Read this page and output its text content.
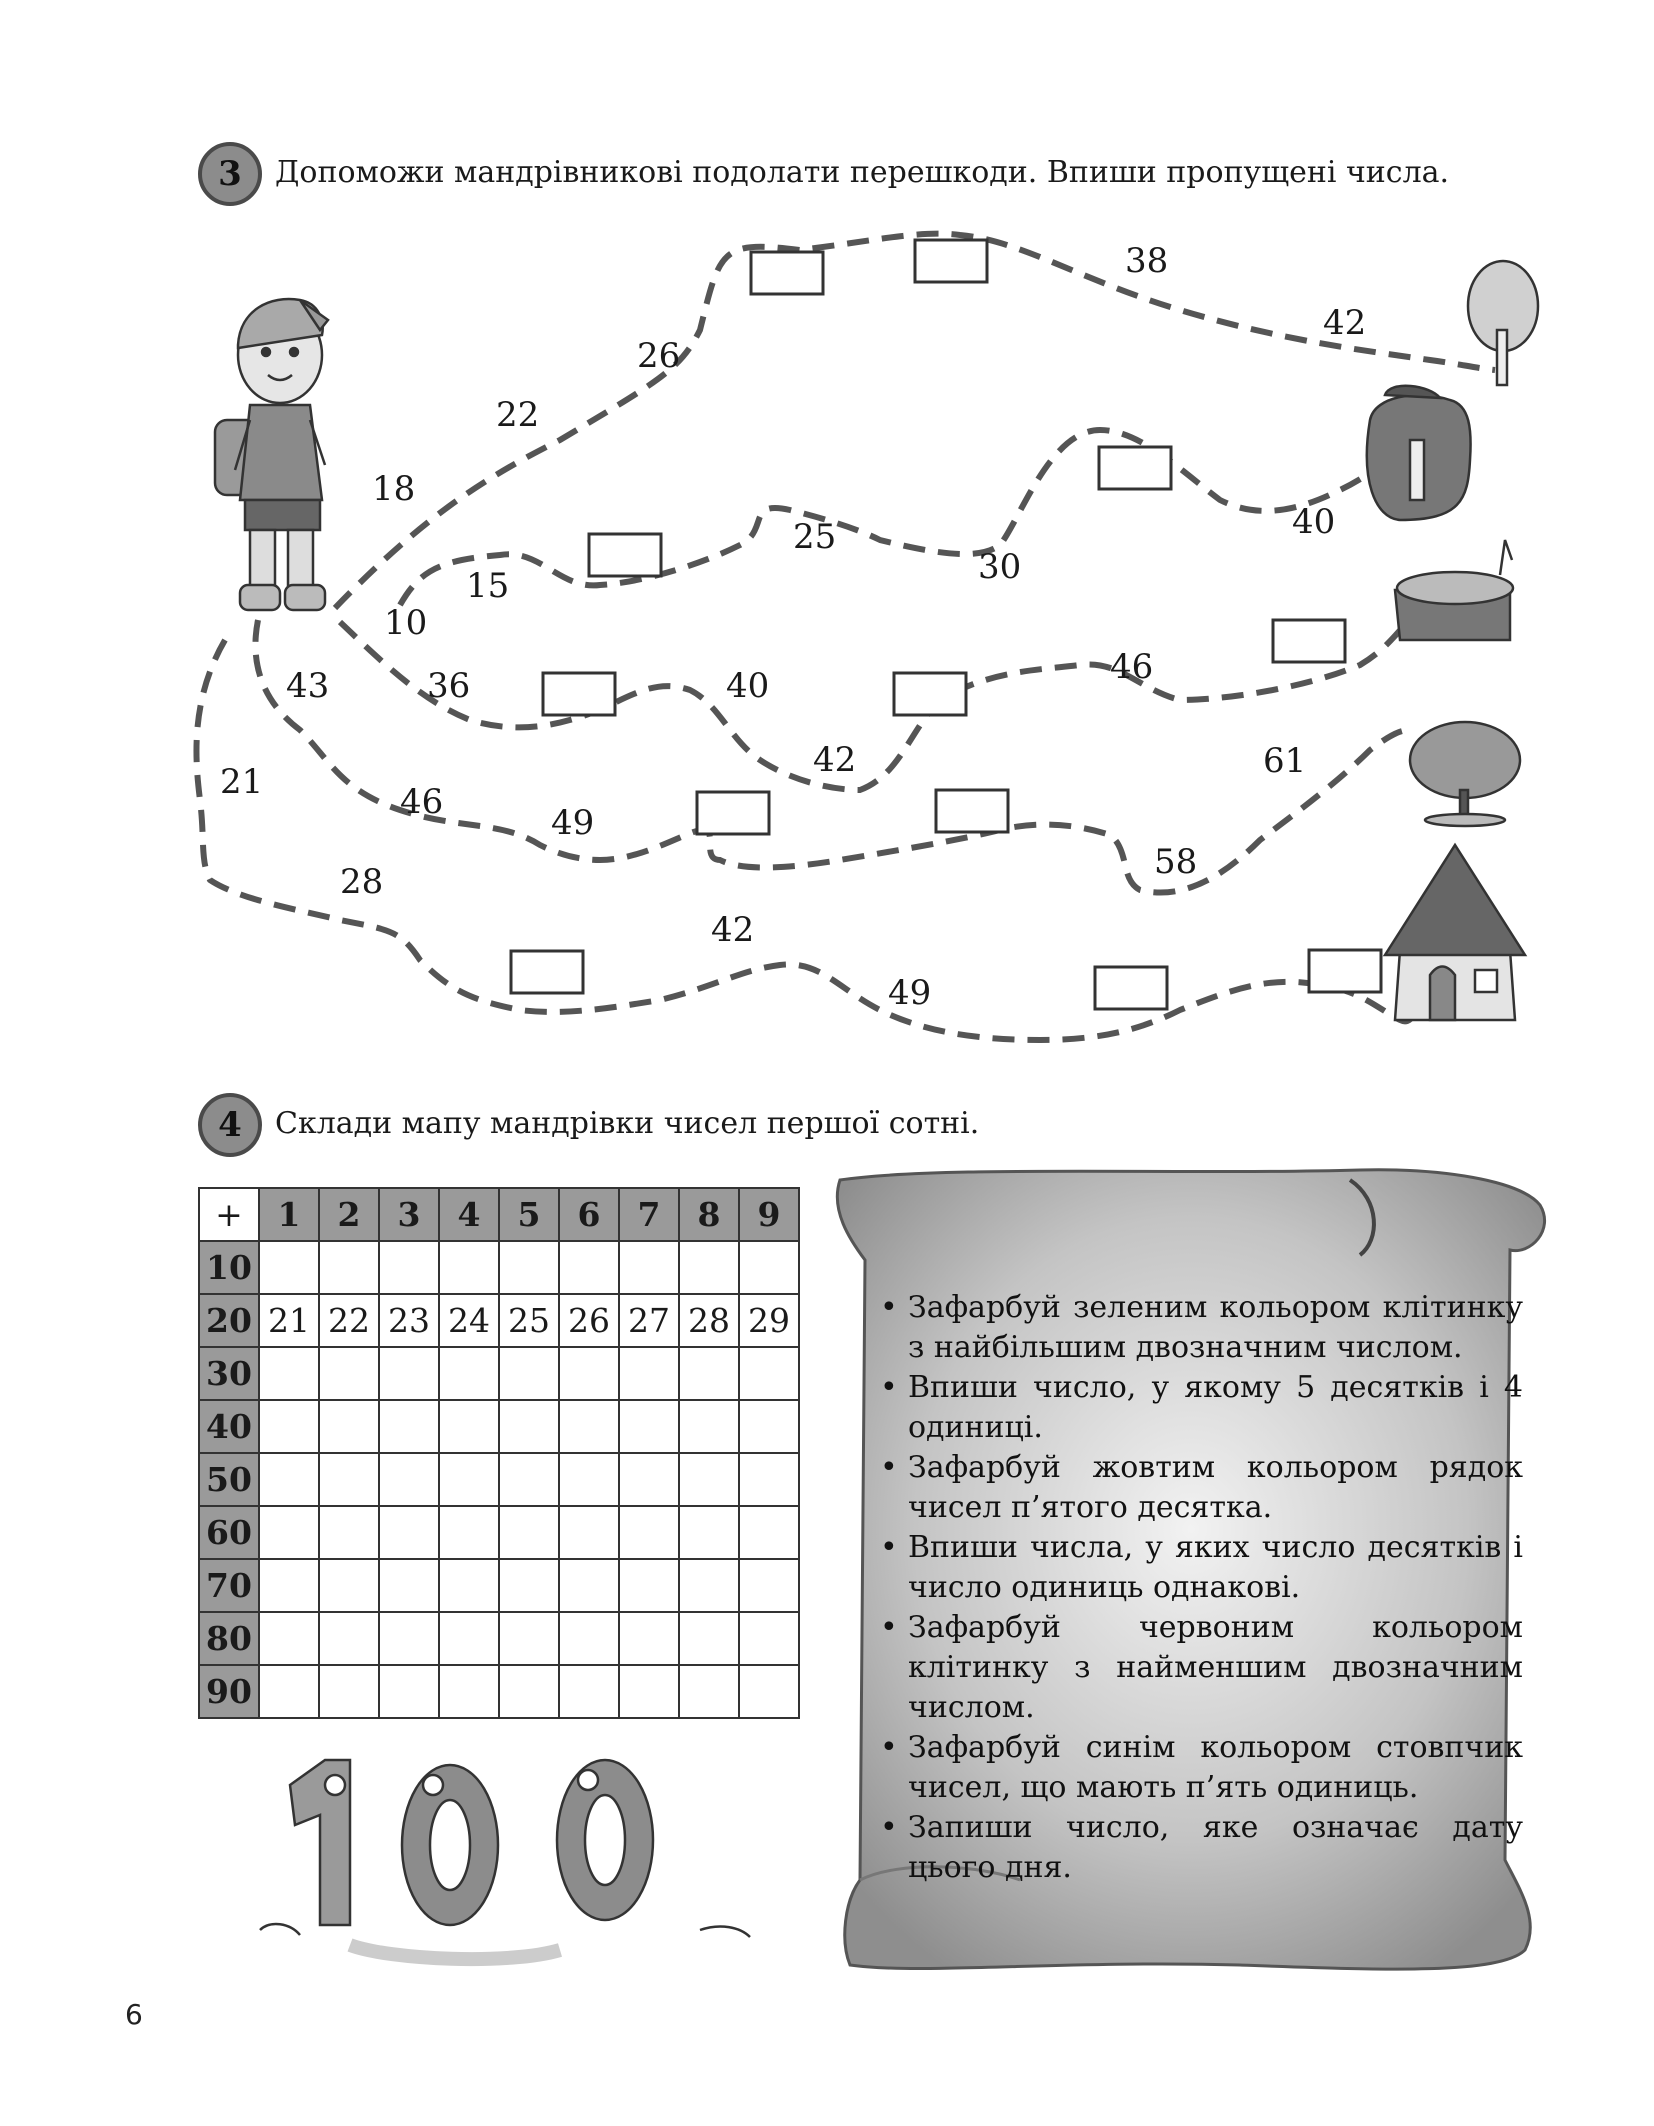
3 Допоможи мандрівникові подолати перешкоди. Впиши пропущені числа.
38
42
26
22
18
40
25
15
10
30
46
43	36	40
42
21
61
46
49
58
28
42
49
4 Склади мапу мандрівки чисел першої сотні.
+	1	2	3	4	5	6	7	8	9
10									
20	21	22	23	24	25	26	27	28	29
30									
40									
50									
60									
70									
80									
90									
100
• Зафарбуй зеленим кольором клітинку з найбільшим двозначним числом.
• Впиши число, у якому 5 десятків і 4 одиниці.
• Зафарбуй жовтим кольором рядок чисел п’ятого десятка.
• Впиши числа, у яких число десятків і число одиниць однакові.
• Зафарбуй червоним кольором клітинку з найменшим двозначним числом.
• Зафарбуй синім кольором стовпчик чисел, що мають п’ять одиниць.
• Запиши число, яке означає дату цього дня.
6
